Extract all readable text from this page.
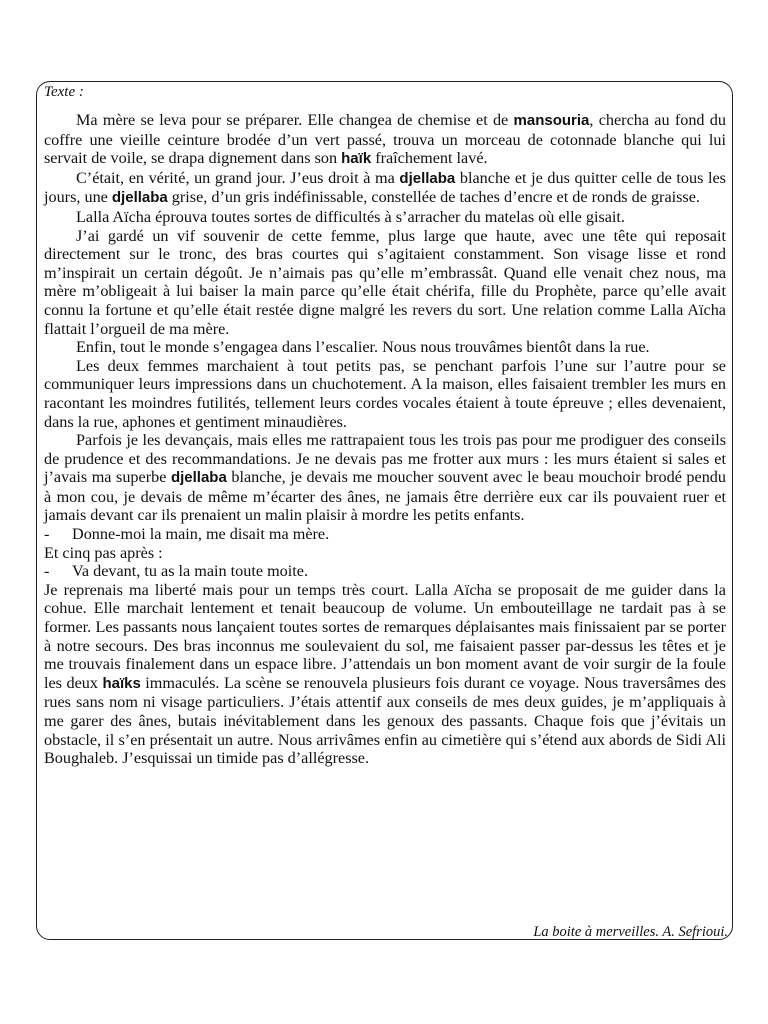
Texte :

Ma mère se leva pour se préparer. Elle changea de chemise et de mansouria, chercha au fond du coffre une vieille ceinture brodée d’un vert passé, trouva un morceau de cotonnade blanche qui lui servait de voile, se drapa dignement dans son haïk fraîchement lavé.

C’était, en vérité, un grand jour. J’eus droit à ma djellaba blanche et je dus quitter celle de tous les jours, une djellaba grise, d’un gris indéfinissable, constellée de taches d’encre et de ronds de graisse.

Lalla Aïcha éprouva toutes sortes de difficultés à s’arracher du matelas où elle gisait.

J’ai gardé un vif souvenir de cette femme, plus large que haute, avec une tête qui reposait directement sur le tronc, des bras courtes qui s’agitaient constamment. Son visage lisse et rond m’inspirait un certain dégoût. Je n’aimais pas qu’elle m’embrassât. Quand elle venait chez nous, ma mère m’obligeait à lui baiser la main parce qu’elle était chérifa, fille du Prophète, parce qu’elle avait connu la fortune et qu’elle était restée digne malgré les revers du sort. Une relation comme Lalla Aïcha flattait l’orgueil de ma mère.

Enfin, tout le monde s’engagea dans l’escalier. Nous nous trouvâmes bientôt dans la rue.

Les deux femmes marchaient à tout petits pas, se penchant parfois l’une sur l’autre pour se communiquer leurs impressions dans un chuchotement. A la maison, elles faisaient trembler les murs en racontant les moindres futilités, tellement leurs cordes vocales étaient à toute épreuve ; elles devenaient, dans la rue, aphones et gentiment minaudières.

Parfois je les devançais, mais elles me rattrapaient tous les trois pas pour me prodiguer des conseils de prudence et des recommandations. Je ne devais pas me frotter aux murs : les murs étaient si sales et j’avais ma superbe djellaba blanche, je devais me moucher souvent avec le beau mouchoir brodé pendu à mon cou, je devais de même m’écarter des ânes, ne jamais être derrière eux car ils pouvaient ruer et jamais devant car ils prenaient un malin plaisir à mordre les petits enfants.

- Donne-moi la main, me disait ma mère.

Et cinq pas après :

- Va devant, tu as la main toute moite.

Je reprenais ma liberté mais pour un temps très court. Lalla Aïcha se proposait de me guider dans la cohue. Elle marchait lentement et tenait beaucoup de volume. Un embouteillage ne tardait pas à se former. Les passants nous lançaient toutes sortes de remarques déplaisantes mais finissaient par se porter à notre secours. Des bras inconnus me soulevaient du sol, me faisaient passer par-dessus les têtes et je me trouvais finalement dans un espace libre. J’attendais un bon moment avant de voir surgir de la foule les deux haïks immaculés. La scène se renouvela plusieurs fois durant ce voyage. Nous traversâmes des rues sans nom ni visage particuliers. J’étais attentif aux conseils de mes deux guides, je m’appliquais à me garer des ânes, butais inévitablement dans les genoux des passants. Chaque fois que j’évitais un obstacle, il s’en présentait un autre. Nous arrivâmes enfin au cimetière qui s’étend aux abords de Sidi Ali Boughaleb. J’esquissai un timide pas d’allégresse.

La boite à merveilles. A. Sefrioui.
